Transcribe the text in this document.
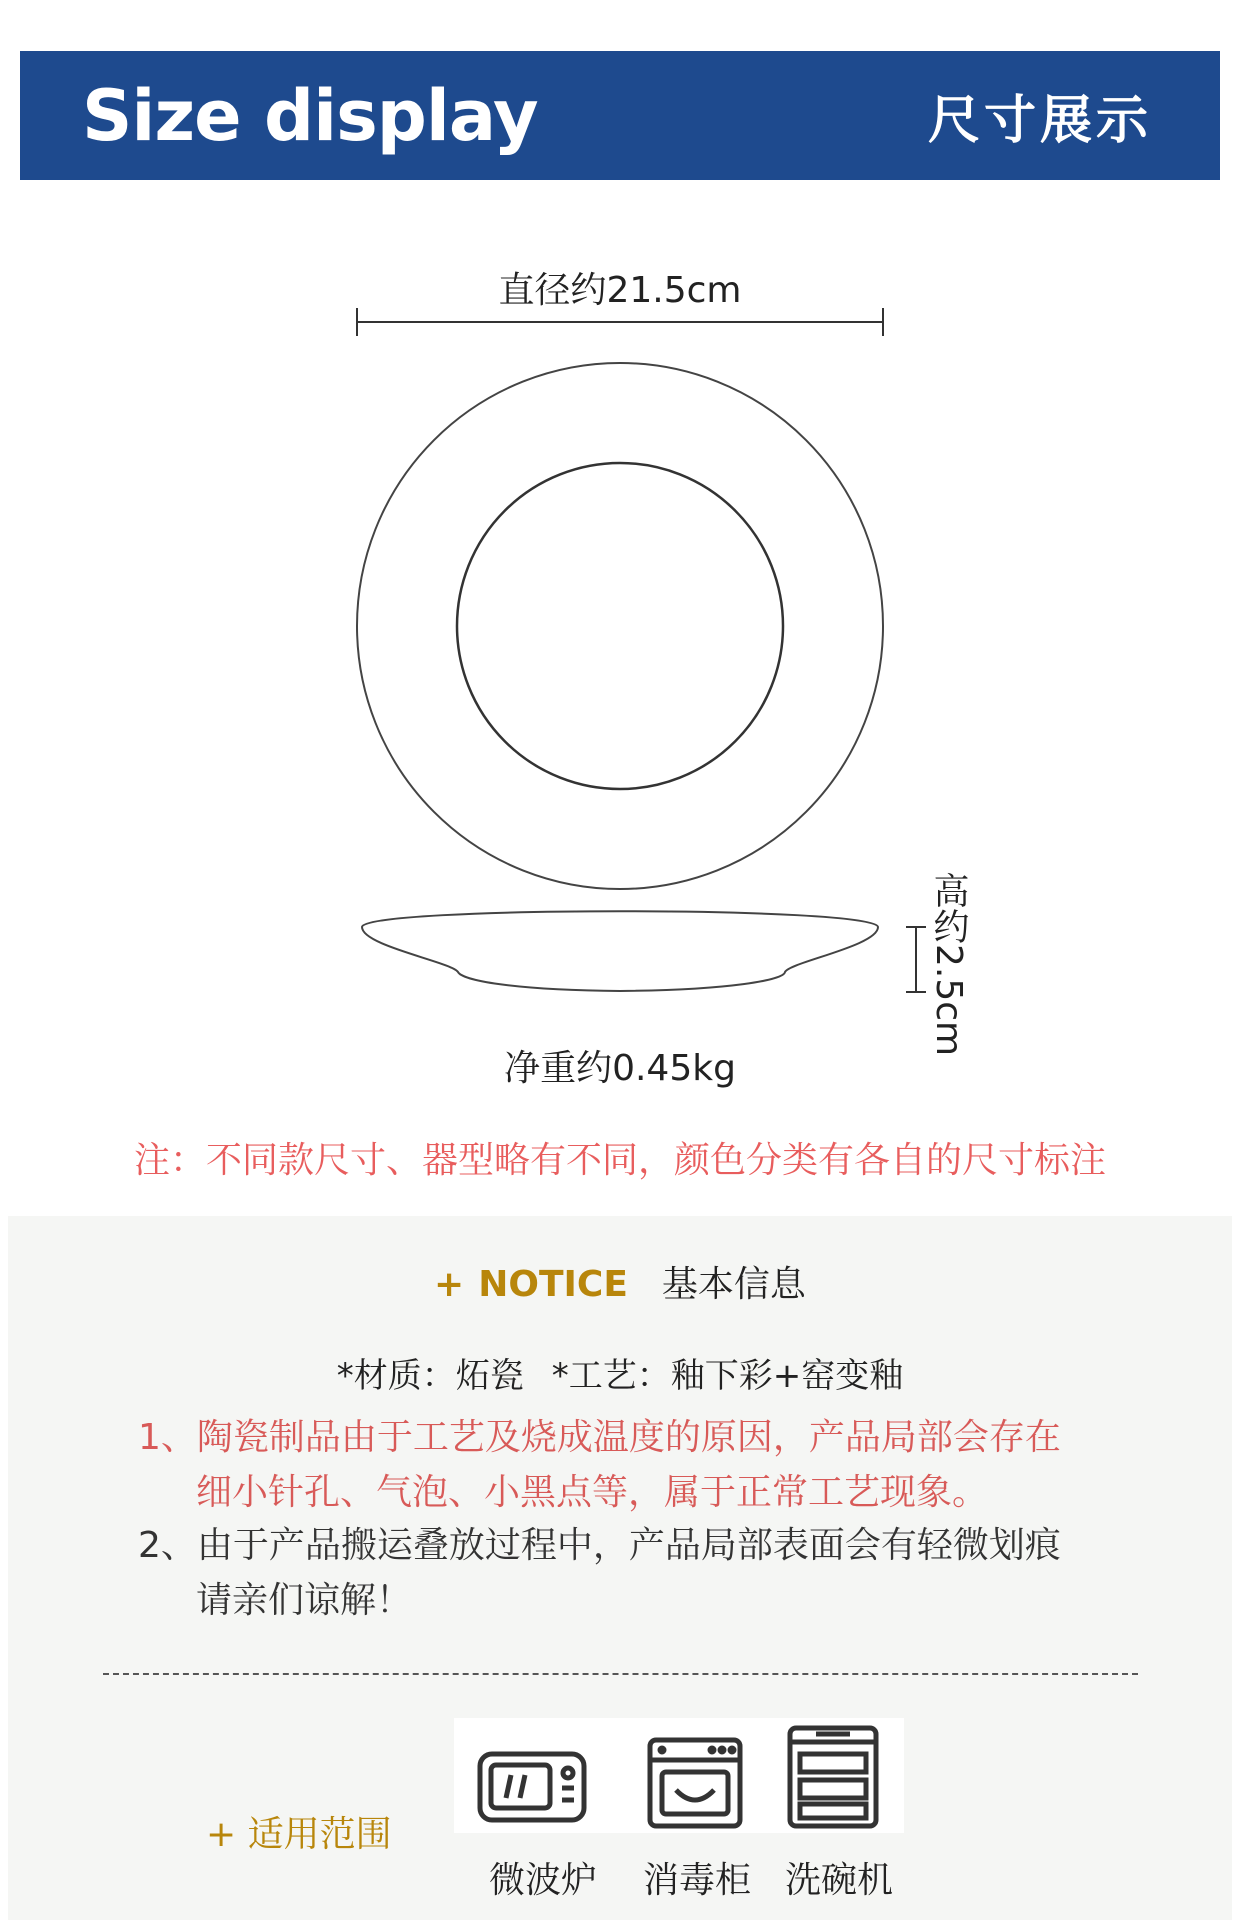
Size display	尺寸展示
直径约21.5cm
高约2.5cm
净重约0.45kg
注：不同款尺寸、器型略有不同，颜色分类有各自的尺寸标注
+ NOTICE 基本信息
*材质：炻瓷 *工艺：釉下彩+窑变釉
1、陶瓷制品由于工艺及烧成温度的原因，产品局部会存在
细小针孔、气泡、小黑点等，属于正常工艺现象。
2、由于产品搬运叠放过程中，产品局部表面会有轻微划痕
请亲们谅解！
+ 适用范围
微波炉	消毒柜 洗碗机
